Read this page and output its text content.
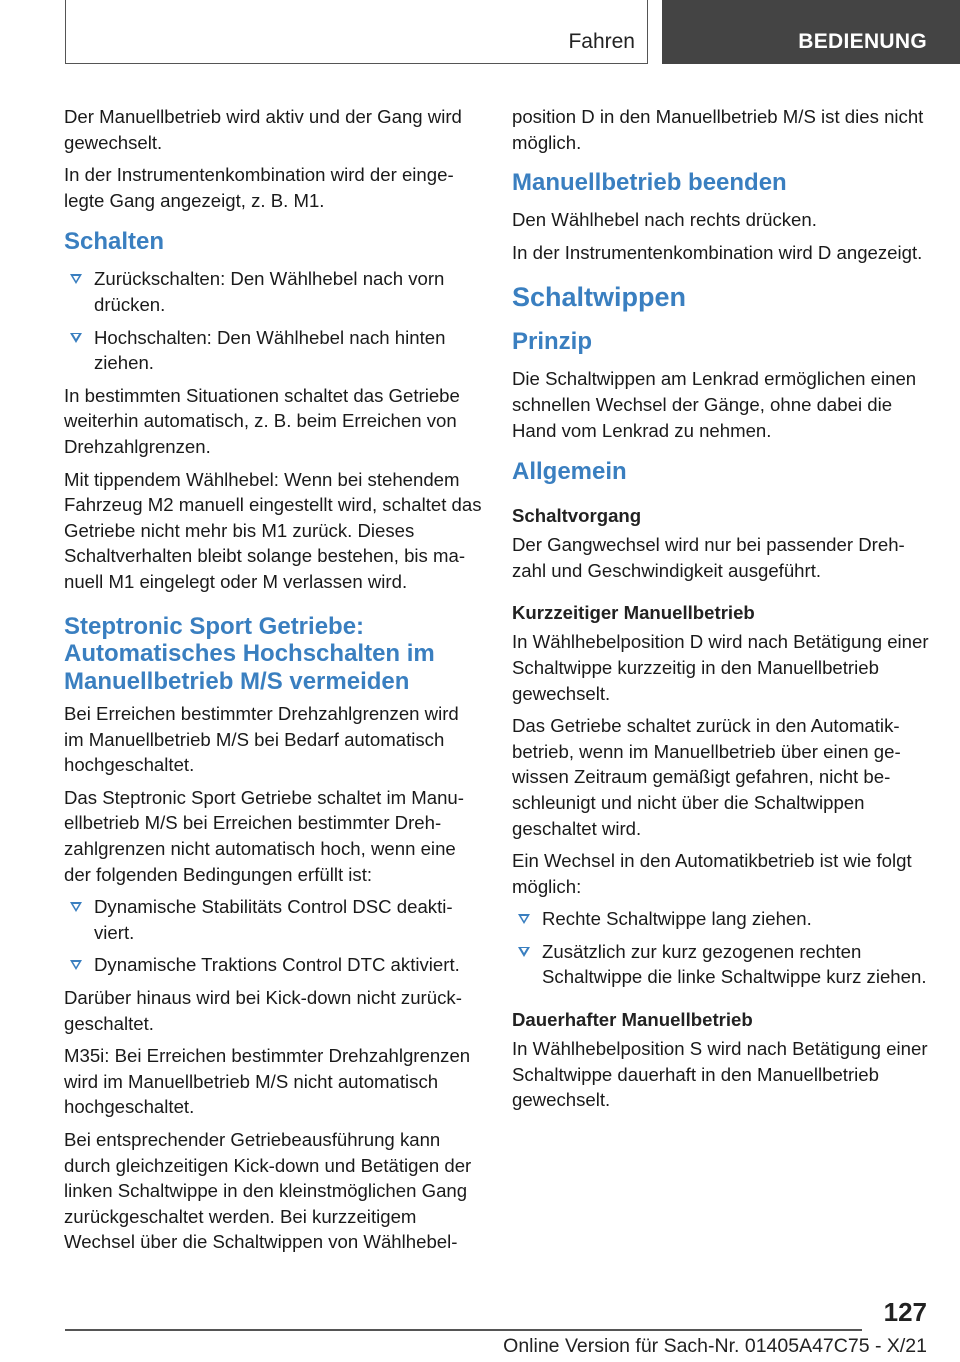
Fahren	BEDIENUNG

Der Manuellbetrieb wird aktiv und der Gang wird gewechselt.

In der Instrumentenkombination wird der eingelegte Gang angezeigt, z. B. M1.

Schalten
Zurückschalten: Den Wählhebel nach vorn drücken.
Hochschalten: Den Wählhebel nach hinten ziehen.

In bestimmten Situationen schaltet das Getriebe weiterhin automatisch, z. B. beim Erreichen von Drehzahlgrenzen.

Mit tippendem Wählhebel: Wenn bei stehendem Fahrzeug M2 manuell eingestellt wird, schaltet das Getriebe nicht mehr bis M1 zurück. Dieses Schaltverhalten bleibt solange bestehen, bis manuell M1 eingelegt oder M verlassen wird.

Steptronic Sport Getriebe: Automatisches Hochschalten im Manuellbetrieb M/S vermeiden

Bei Erreichen bestimmter Drehzahlgrenzen wird im Manuellbetrieb M/S bei Bedarf automatisch hochgeschaltet.

Das Steptronic Sport Getriebe schaltet im Manuellbetrieb M/S bei Erreichen bestimmter Drehzahlgrenzen nicht automatisch hoch, wenn eine der folgenden Bedingungen erfüllt ist:

Dynamische Stabilitäts Control DSC deaktiviert.
Dynamische Traktions Control DTC aktiviert.

Darüber hinaus wird bei Kick-down nicht zurückgeschaltet.

M35i: Bei Erreichen bestimmter Drehzahlgrenzen wird im Manuellbetrieb M/S nicht automatisch hochgeschaltet.

Bei entsprechender Getriebeausführung kann durch gleichzeitigen Kick-down und Betätigen der linken Schaltwippe in den kleinstmöglichen Gang zurückgeschaltet werden. Bei kurzzeitigem Wechsel über die Schaltwippen von Wählhebel-

position D in den Manuellbetrieb M/S ist dies nicht möglich.

Manuellbetrieb beenden

Den Wählhebel nach rechts drücken.

In der Instrumentenkombination wird D angezeigt.

Schaltwippen
Prinzip

Die Schaltwippen am Lenkrad ermöglichen einen schnellen Wechsel der Gänge, ohne dabei die Hand vom Lenkrad zu nehmen.

Allgemein
Schaltvorgang

Der Gangwechsel wird nur bei passender Drehzahl und Geschwindigkeit ausgeführt.

Kurzzeitiger Manuellbetrieb

In Wählhebelposition D wird nach Betätigung einer Schaltwippe kurzzeitig in den Manuellbetrieb gewechselt.

Das Getriebe schaltet zurück in den Automatikbetrieb, wenn im Manuellbetrieb über einen gewissen Zeitraum gemäßigt gefahren, nicht beschleunigt und nicht über die Schaltwippen geschaltet wird.

Ein Wechsel in den Automatikbetrieb ist wie folgt möglich:

Rechte Schaltwippe lang ziehen.
Zusätzlich zur kurz gezogenen rechten Schaltwippe die linke Schaltwippe kurz ziehen.
Dauerhafter Manuellbetrieb

In Wählhebelposition S wird nach Betätigung einer Schaltwippe dauerhaft in den Manuellbetrieb gewechselt.

127
Online Version für Sach-Nr. 01405A47C75 - X/21
